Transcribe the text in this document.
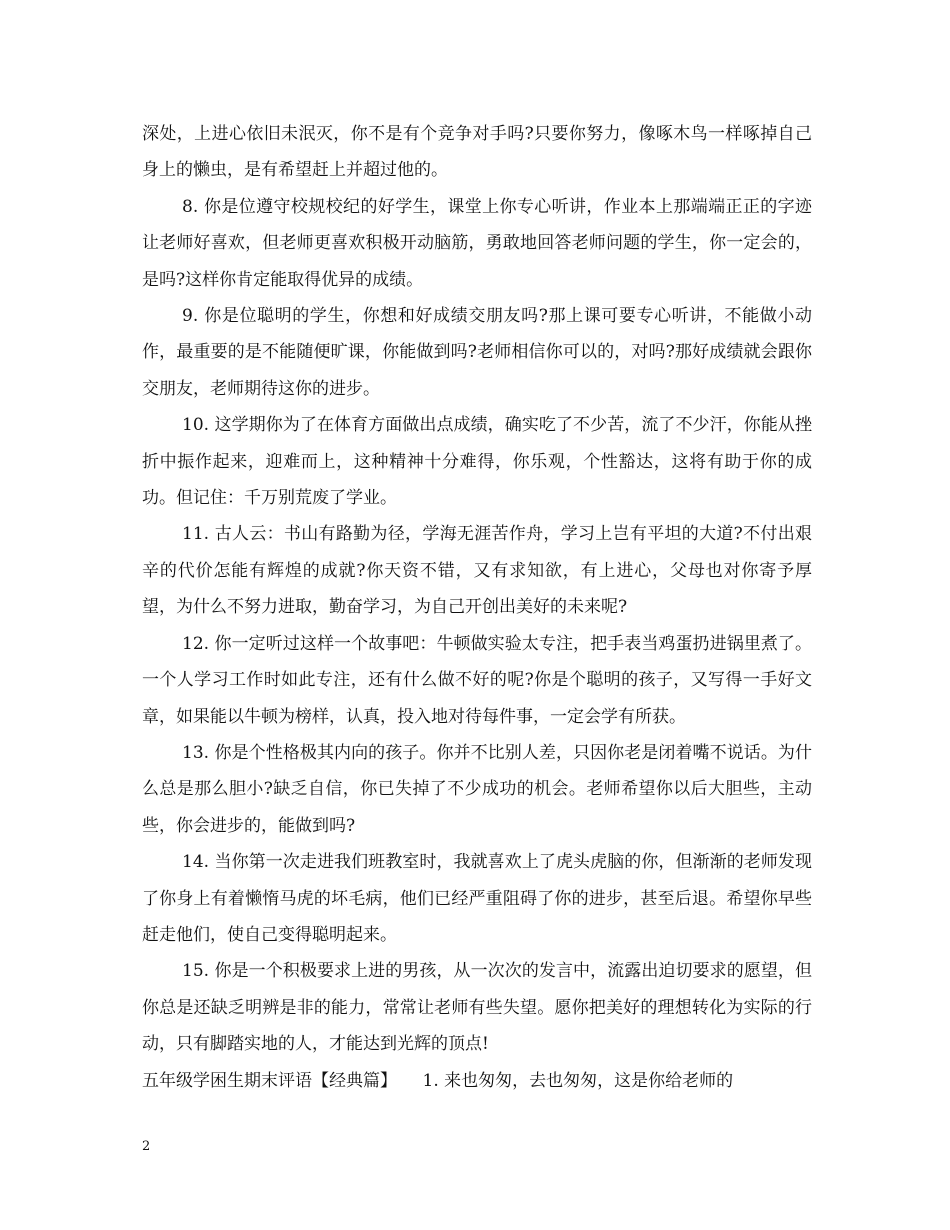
深处，上进心依旧未泯灭，你不是有个竞争对手吗?只要你努力，像啄木鸟一样啄掉自己身上的懒虫，是有希望赶上并超过他的。

8. 你是位遵守校规校纪的好学生，课堂上你专心听讲，作业本上那端端正正的字迹让老师好喜欢，但老师更喜欢积极开动脑筋，勇敢地回答老师问题的学生，你一定会的，是吗?这样你肯定能取得优异的成绩。

9. 你是位聪明的学生，你想和好成绩交朋友吗?那上课可要专心听讲，不能做小动作，最重要的是不能随便旷课，你能做到吗?老师相信你可以的，对吗?那好成绩就会跟你交朋友，老师期待这你的进步。

10. 这学期你为了在体育方面做出点成绩，确实吃了不少苦，流了不少汗，你能从挫折中振作起来，迎难而上，这种精神十分难得，你乐观，个性豁达，这将有助于你的成功。但记住：千万别荒废了学业。

11. 古人云：书山有路勤为径，学海无涯苦作舟，学习上岂有平坦的大道?不付出艰辛的代价怎能有辉煌的成就?你天资不错，又有求知欲，有上进心，父母也对你寄予厚望，为什么不努力进取，勤奋学习，为自己开创出美好的未来呢?

12. 你一定听过这样一个故事吧：牛顿做实验太专注，把手表当鸡蛋扔进锅里煮了。一个人学习工作时如此专注，还有什么做不好的呢?你是个聪明的孩子，又写得一手好文章，如果能以牛顿为榜样，认真，投入地对待每件事，一定会学有所获。

13. 你是个性格极其内向的孩子。你并不比别人差，只因你老是闭着嘴不说话。为什么总是那么胆小?缺乏自信，你已失掉了不少成功的机会。老师希望你以后大胆些，主动些，你会进步的，能做到吗?

14. 当你第一次走进我们班教室时，我就喜欢上了虎头虎脑的你，但渐渐的老师发现了你身上有着懒惰马虎的坏毛病，他们已经严重阻碍了你的进步，甚至后退。希望你早些赶走他们，使自己变得聪明起来。

15. 你是一个积极要求上进的男孩，从一次次的发言中，流露出迫切要求的愿望，但你总是还缺乏明辨是非的能力，常常让老师有些失望。愿你把美好的理想转化为实际的行动，只有脚踏实地的人，才能达到光辉的顶点!

五年级学困生期末评语【经典篇】　　1. 来也匆匆，去也匆匆，这是你给老师的

2
